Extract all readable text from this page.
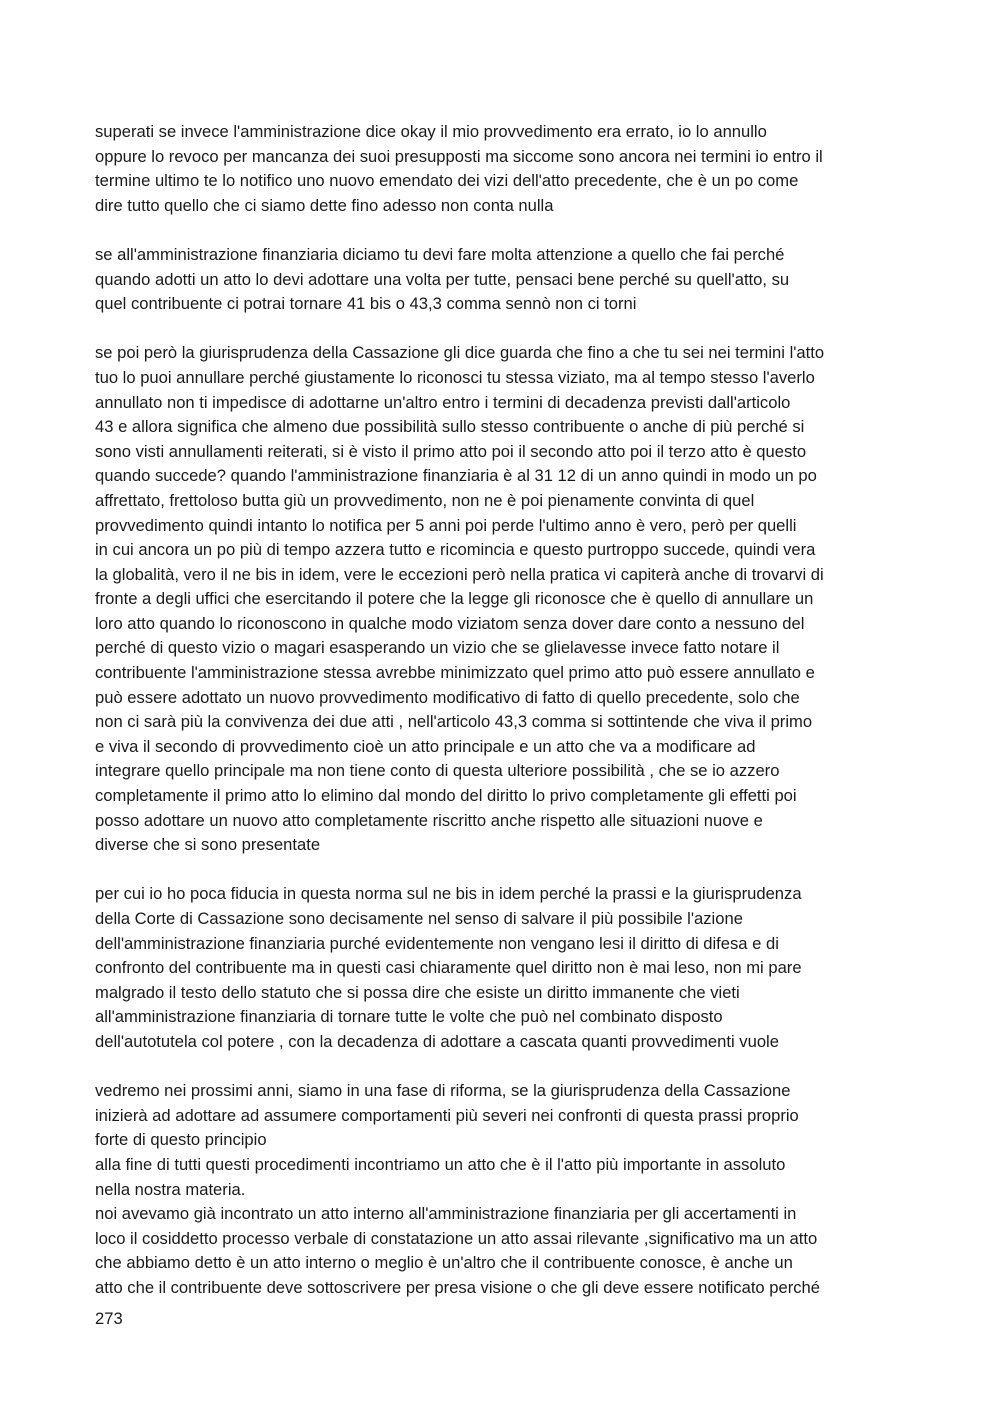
superati se invece l'amministrazione dice okay il mio provvedimento era errato, io lo annullo
oppure lo revoco per mancanza dei suoi presupposti ma siccome sono ancora nei termini io entro il
termine ultimo te lo notifico uno nuovo emendato dei vizi dell'atto precedente, che è un po come
dire tutto quello che ci siamo dette fino adesso non conta nulla

se all'amministrazione finanziaria diciamo tu devi fare molta attenzione a quello che fai perché
quando adotti un atto lo devi adottare una volta per tutte, pensaci bene perché su quell'atto, su
quel contribuente ci potrai tornare 41 bis o 43,3 comma sennò non ci torni

se poi però la giurisprudenza della Cassazione gli dice guarda che fino a che tu sei nei termini l'atto
tuo lo puoi annullare perché giustamente lo riconosci tu stessa viziato, ma al tempo stesso l'averlo
annullato non ti impedisce di adottarne un'altro entro i termini di decadenza previsti dall'articolo
43 e allora significa che almeno due possibilità sullo stesso contribuente o anche di più perché si
sono visti annullamenti reiterati, si è visto il primo atto poi il secondo atto poi il terzo atto è questo
quando succede? quando l'amministrazione finanziaria è al 31 12 di un anno quindi in modo un po
affrettato, frettoloso butta giù un provvedimento, non ne è poi pienamente convinta di quel
provvedimento quindi intanto lo notifica per 5 anni poi perde l'ultimo anno è vero, però per quelli
in cui ancora un po più di tempo azzera tutto e ricomincia e questo purtroppo succede, quindi vera
la globalità, vero il ne bis in idem, vere le eccezioni però nella pratica vi capiterà anche di trovarvi di
fronte a degli uffici che esercitando il potere che la legge gli riconosce che è quello di annullare un
loro atto quando lo riconoscono in qualche modo viziatom senza dover dare conto a nessuno del
perché di questo vizio o magari esasperando un vizio che se glielavesse invece fatto notare il
contribuente l'amministrazione stessa avrebbe minimizzato quel primo atto può essere annullato e
può essere adottato un nuovo provvedimento modificativo di fatto di quello precedente, solo che
non ci sarà più la convivenza dei due atti , nell'articolo 43,3 comma si sottintende che viva il primo
e viva il secondo di provvedimento cioè un atto principale e un atto che va a modificare ad
integrare quello principale ma non tiene conto di questa ulteriore possibilità , che se io azzero
completamente il primo atto lo elimino dal mondo del diritto lo privo completamente gli effetti poi
posso adottare un nuovo atto completamente riscritto anche rispetto alle situazioni nuove e
diverse che si sono presentate

per cui io ho poca fiducia in questa norma sul ne bis in idem perché la prassi e la giurisprudenza
della Corte di Cassazione sono decisamente nel senso di salvare il più possibile l'azione
dell'amministrazione finanziaria purché evidentemente non vengano lesi il diritto di difesa e di
confronto del contribuente ma in questi casi chiaramente quel diritto non è mai leso, non mi pare
malgrado il testo dello statuto che si possa dire che esiste un diritto immanente che vieti
all'amministrazione finanziaria di tornare tutte le volte che può nel combinato disposto
dell'autotutela col potere , con la decadenza di adottare a cascata quanti provvedimenti vuole

vedremo nei prossimi anni, siamo in una fase di riforma, se la giurisprudenza della Cassazione
inizierà ad adottare ad assumere comportamenti più severi nei confronti di questa prassi proprio
forte di questo principio
alla fine di tutti questi procedimenti incontriamo un atto che è il l'atto più importante in assoluto
nella nostra materia.
noi avevamo già incontrato un atto interno all'amministrazione finanziaria per gli accertamenti in
loco il cosiddetto processo verbale di constatazione un atto assai rilevante ,significativo ma un atto
che abbiamo detto è un atto interno o meglio è un'altro che il contribuente conosce, è anche un
atto che il contribuente deve sottoscrivere per presa visione o che gli deve essere notificato perché

273
